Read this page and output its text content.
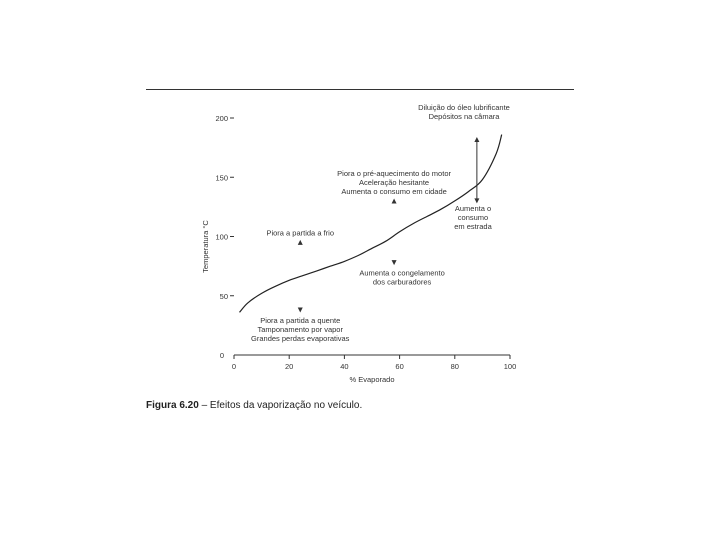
0	20	40	60	80	100
0
50
100
150
200
Diluição do óleo lubrificante
Depósitos na câmara
Piora o pré-aquecimento do motor
Aceleração hesitante
Aumenta o consumo em cidade
Aumenta o
consumo
em estrada
Piora a partida a frio
Aumenta o congelamento
dos carburadores
Piora a partida a quente
Tamponamento por vapor
Grandes perdas evaporativas
% Evaporado
Temperatura °C
Figura 6.20 – Efeitos da vaporização no veículo.
